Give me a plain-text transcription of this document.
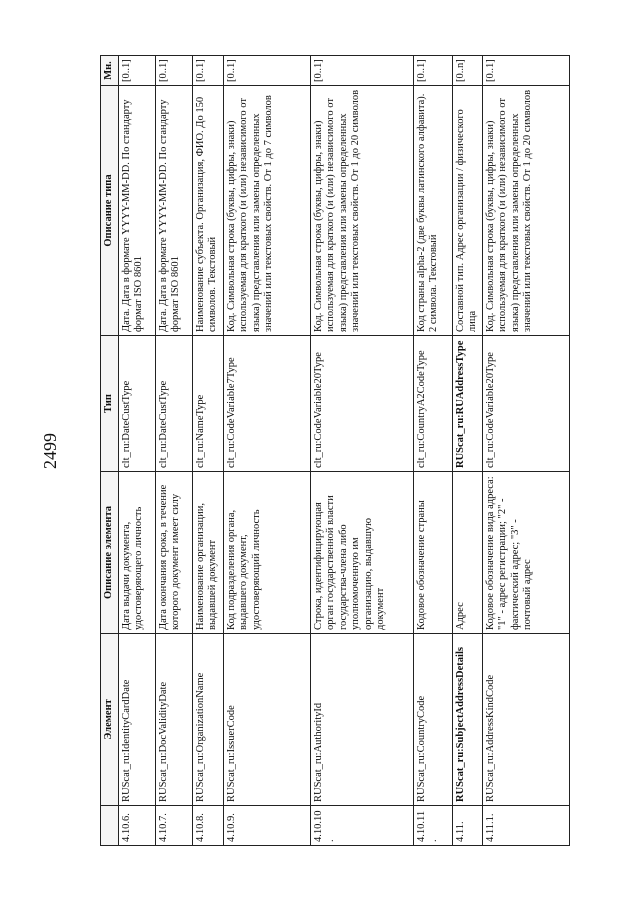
2499
	Элемент	Описание элемента	Тип	Описание типа	Мн.
4.10.6.	RUScat_ru:IdentityCardDate	Дата выдачи документа, удостоверяющего личность	clt_ru:DateCustType	Дата. Дата в формате YYYY-MM-DD. По стандарту формат ISO 8601	[0..1]
4.10.7.	RUScat_ru:DocValidityDate	Дата окончания срока, в течение которого документ имеет силу	clt_ru:DateCustType	Дата. Дата в формате YYYY-MM-DD. По стандарту формат ISO 8601	[0..1]
4.10.8.	RUScat_ru:OrganizationName	Наименование организации, выдавшей документ	clt_ru:NameType	Наименование субъекта. Организация, ФИО. До 150 символов. Текстовый	[0..1]
4.10.9.	RUScat_ru:IssuerCode	Код подразделения органа, выдавшего документ, удостоверяющий личность	clt_ru:CodeVariable7Type	Код. Символьная строка (буквы, цифры, знаки) используемая для краткого (и (или) независимого от языка) представления или замены определенных значений или текстовых свойств. От 1 до 7 символов	[0..1]
4.10.10.	RUScat_ru:AuthorityId	Строка, идентифицирующая орган государственной власти государства-члена либо уполномоченную им организацию, выдавшую документ	clt_ru:CodeVariable20Type	Код. Символьная строка (буквы, цифры, знаки) используемая для краткого (и (или) независимого от языка) представления или замены определенных значений или текстовых свойств. От 1 до 20 символов	[0..1]
4.10.11.	RUScat_ru:CountryCode	Кодовое обозначение страны	clt_ru:CountryA2CodeType	Код страны alpha-2 (две буквы латинского алфавита). 2 символа. Текстовый	[0..1]
4.11.	RUScat_ru:SubjectAddressDetails	Адрес	RUScat_ru:RUAddressType	Составной тип. Адрес организации / физического лица	[0..n]
4.11.1.	RUScat_ru:AddressKindCode	Кодовое обозначение вида адреса: "1" - адрес регистрации; "2" - фактический адрес; "3" - почтовый адрес	clt_ru:CodeVariable20Type	Код. Символьная строка (буквы, цифры, знаки) используемая для краткого (и (или) независимого от языка) представления или замены определенных значений или текстовых свойств. От 1 до 20 символов	[0..1]
